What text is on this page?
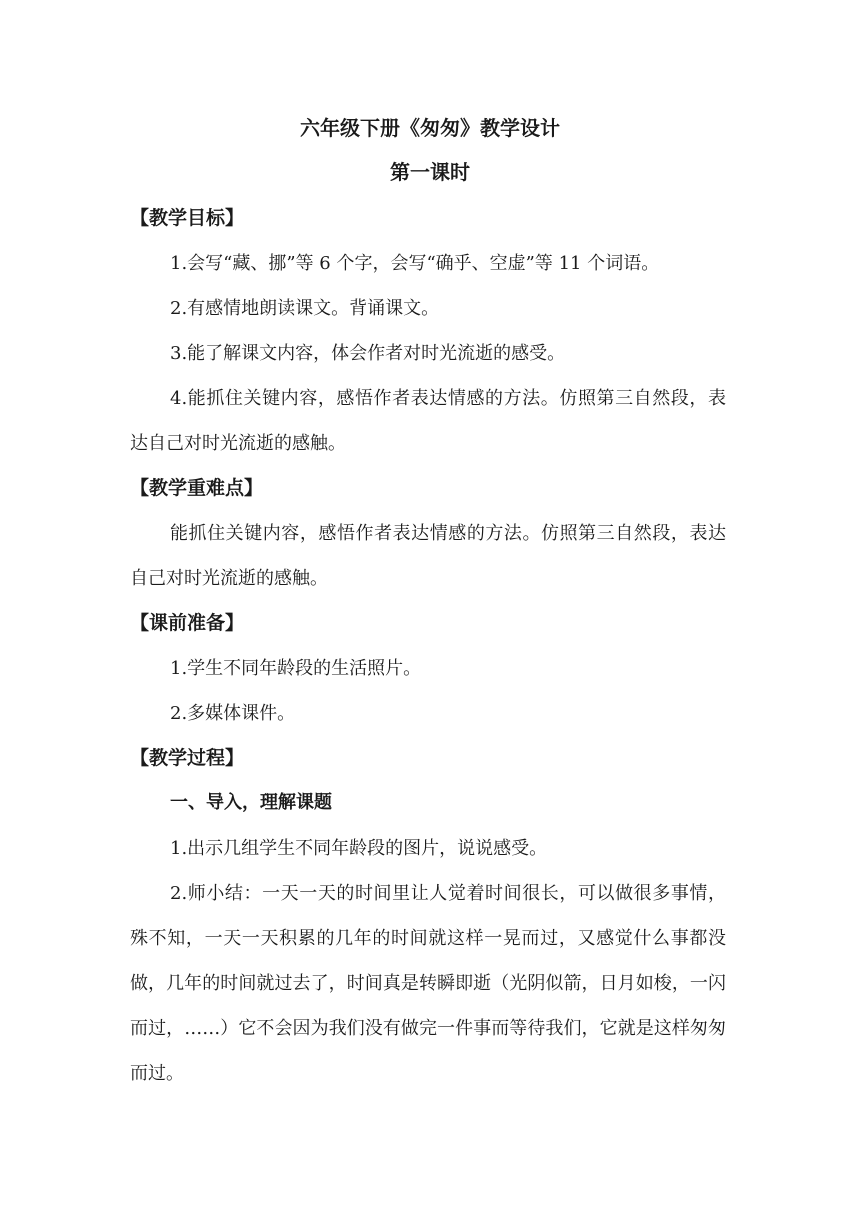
六年级下册《匆匆》教学设计
第一课时
【教学目标】

1.会写“藏、挪”等 6 个字，会写“确乎、空虚”等 11 个词语。

2.有感情地朗读课文。背诵课文。

3.能了解课文内容，体会作者对时光流逝的感受。

4.能抓住关键内容，感悟作者表达情感的方法。仿照第三自然段，表达自己对时光流逝的感触。

【教学重难点】

能抓住关键内容，感悟作者表达情感的方法。仿照第三自然段，表达自己对时光流逝的感触。

【课前准备】

1.学生不同年龄段的生活照片。

2.多媒体课件。

【教学过程】
一、导入，理解课题

1.出示几组学生不同年龄段的图片，说说感受。

2.师小结：一天一天的时间里让人觉着时间很长，可以做很多事情，殊不知，一天一天积累的几年的时间就这样一晃而过，又感觉什么事都没做，几年的时间就过去了，时间真是转瞬即逝（光阴似箭，日月如梭，一闪而过，……）它不会因为我们没有做完一件事而等待我们，它就是这样匆匆而过。
